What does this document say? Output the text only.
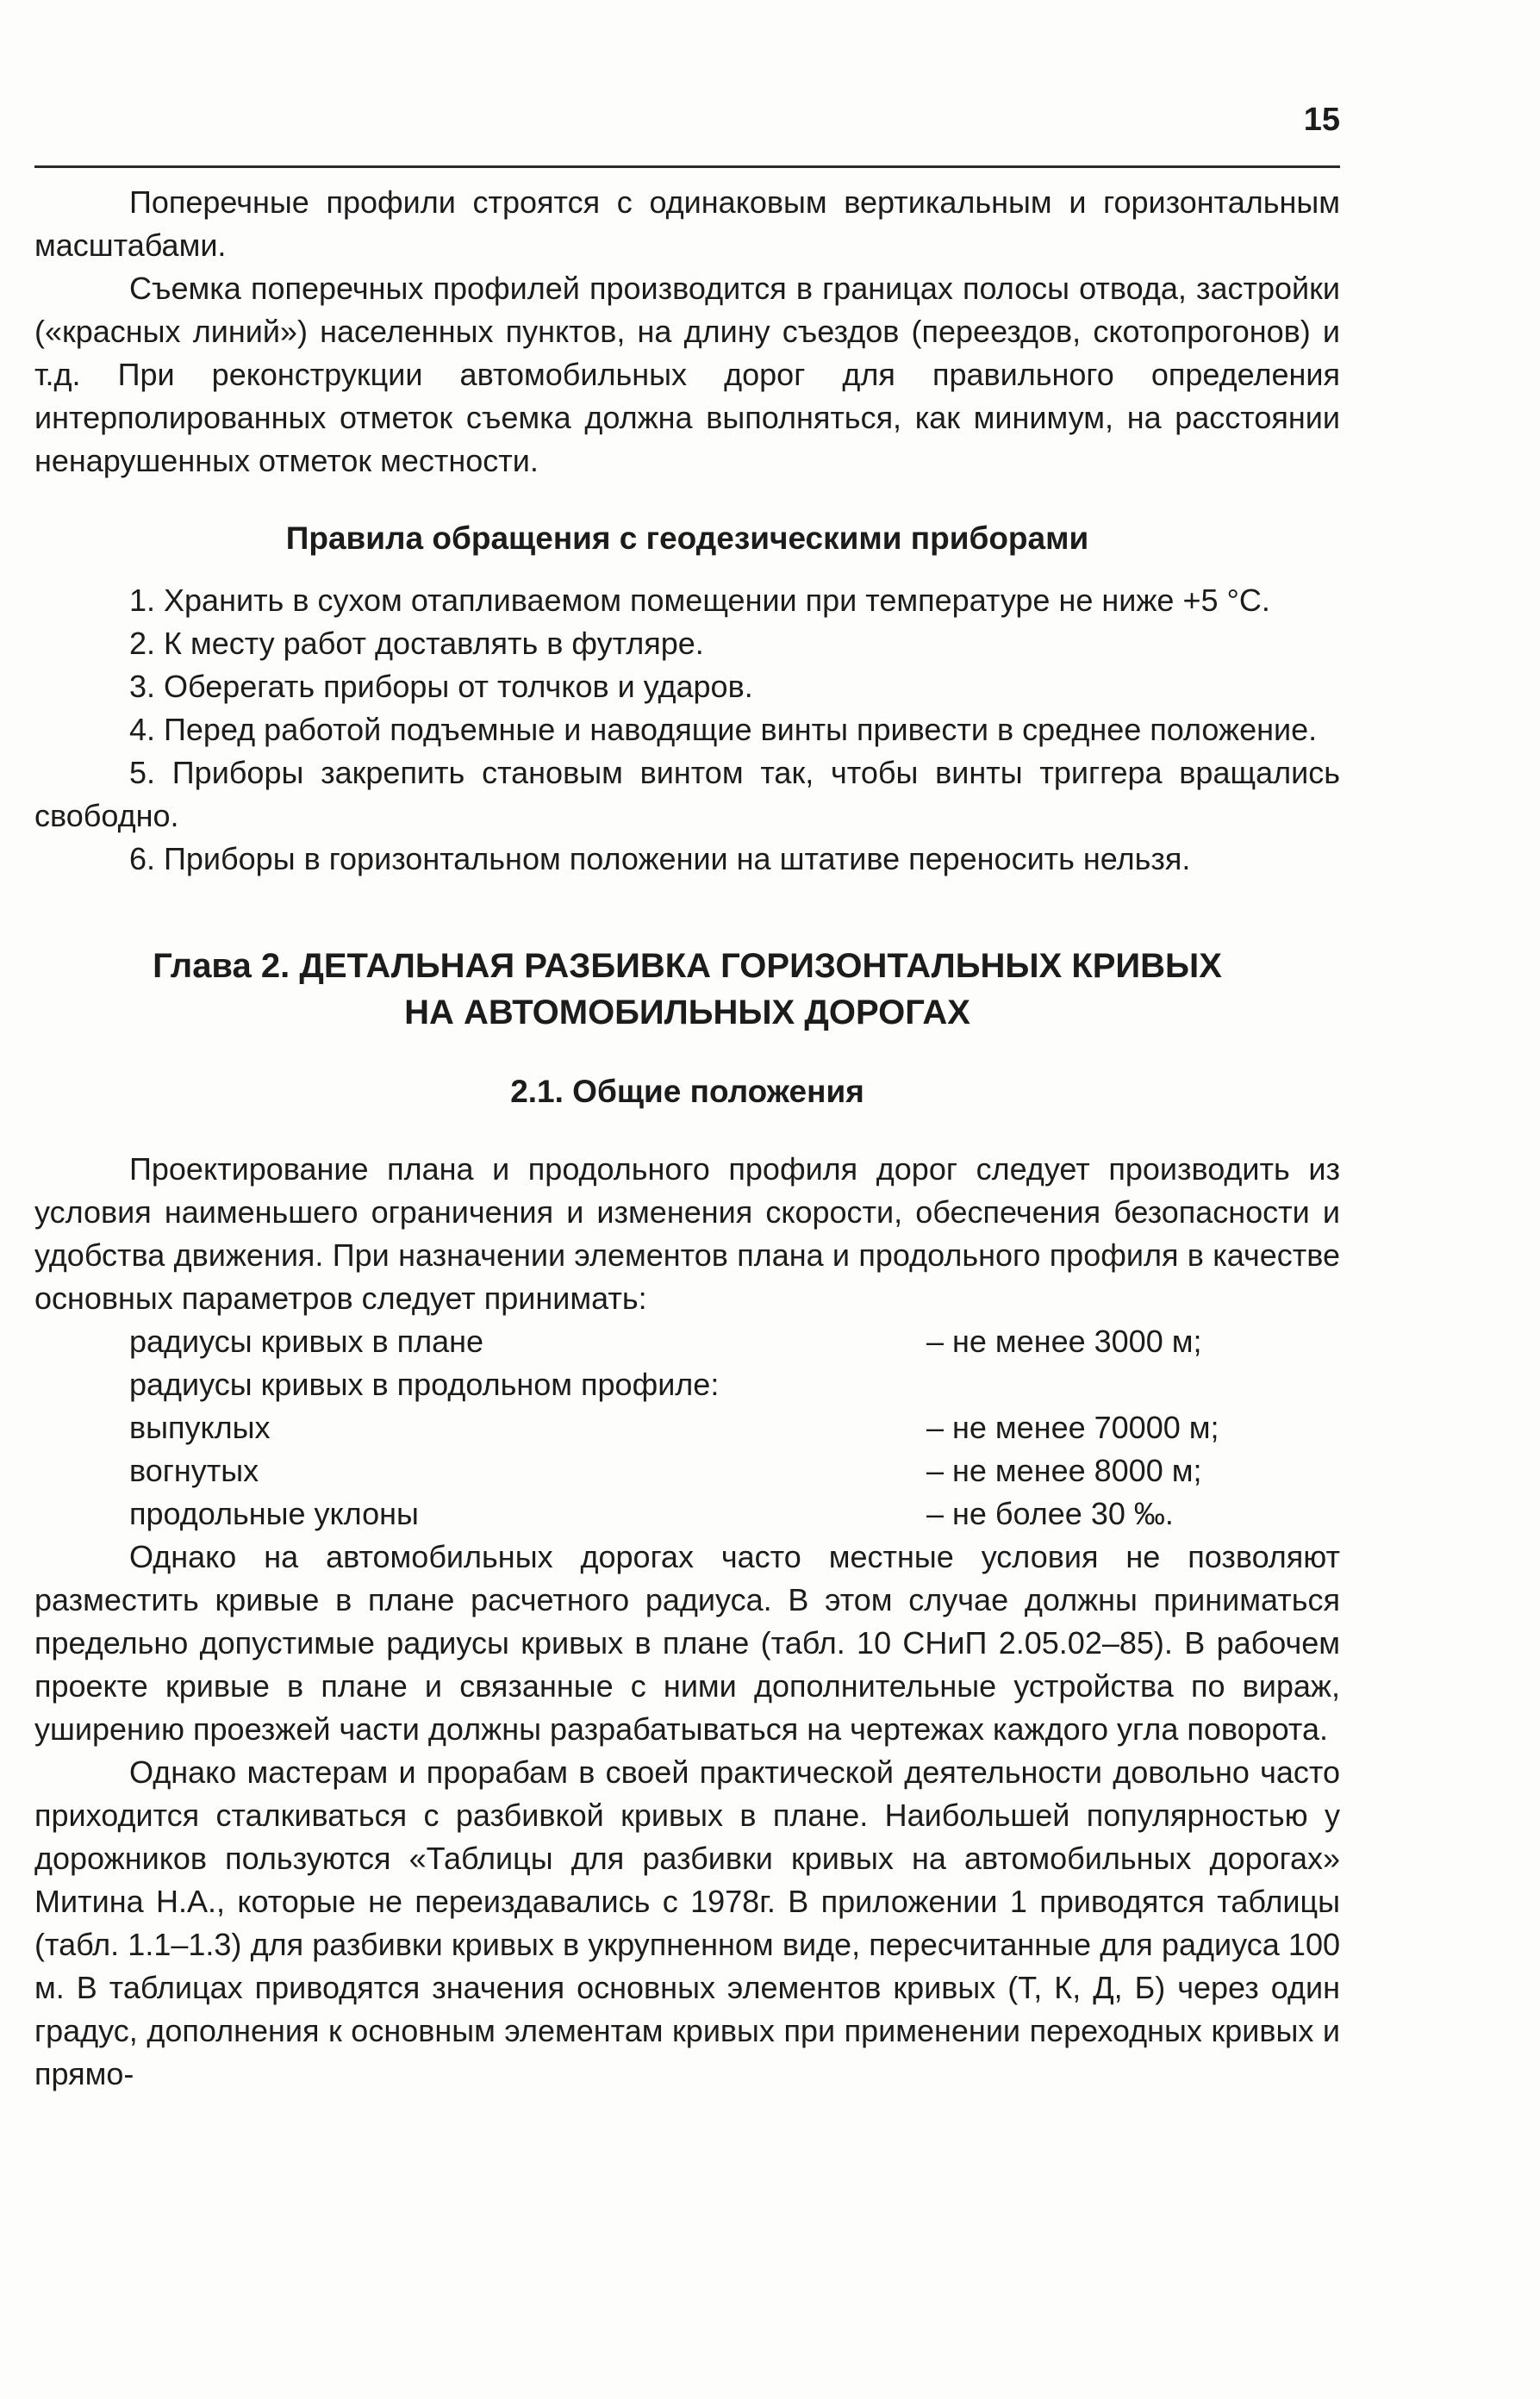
15

Поперечные профили строятся с одинаковым вертикальным и горизонтальным масштабами.

Съемка поперечных профилей производится в границах полосы отвода, застройки («красных линий») населенных пунктов, на длину съездов (переездов, скотопрогонов) и т.д. При реконструкции автомобильных дорог для правильного определения интерполированных отметок съемка должна выполняться, как минимум, на расстоянии ненарушенных отметок местности.

Правила обращения с геодезическими приборами

1. Хранить в сухом отапливаемом помещении при температуре не ниже +5 °С.

2. К месту работ доставлять в футляре.

3. Оберегать приборы от толчков и ударов.

4. Перед работой подъемные и наводящие винты привести в среднее положение.

5. Приборы закрепить становым винтом так, чтобы винты триггера вращались свободно.

6. Приборы в горизонтальном положении на штативе переносить нельзя.

Глава 2. ДЕТАЛЬНАЯ РАЗБИВКА ГОРИЗОНТАЛЬНЫХ КРИВЫХ
НА АВТОМОБИЛЬНЫХ ДОРОГАХ
2.1. Общие положения

Проектирование плана и продольного профиля дорог следует производить из условия наименьшего ограничения и изменения скорости, обеспечения безопасности и удобства движения. При назначении элементов плана и продольного профиля в качестве основных параметров следует принимать:

радиусы кривых в плане	– не менее 3000 м;
радиусы кривых в продольном профиле:
выпуклых	– не менее 70000 м;
вогнутых	– не менее 8000 м;
продольные уклоны	– не более 30 ‰.

Однако на автомобильных дорогах часто местные условия не позволяют разместить кривые в плане расчетного радиуса. В этом случае должны приниматься предельно допустимые радиусы кривых в плане (табл. 10 СНиП 2.05.02–85). В рабочем проекте кривые в плане и связанные с ними дополнительные устройства по вираж, уширению проезжей части должны разрабатываться на чертежах каждого угла поворота.

Однако мастерам и прорабам в своей практической деятельности довольно часто приходится сталкиваться с разбивкой кривых в плане. Наибольшей популярностью у дорожников пользуются «Таблицы для разбивки кривых на автомобильных дорогах» Митина Н.А., которые не переиздавались с 1978г. В приложении 1 приводятся таблицы (табл. 1.1–1.3) для разбивки кривых в укрупненном виде, пересчитанные для радиуса 100 м. В таблицах приводятся значения основных элементов кривых (Т, К, Д, Б) через один градус, дополнения к основным элементам кривых при применении переходных кривых и прямо-
